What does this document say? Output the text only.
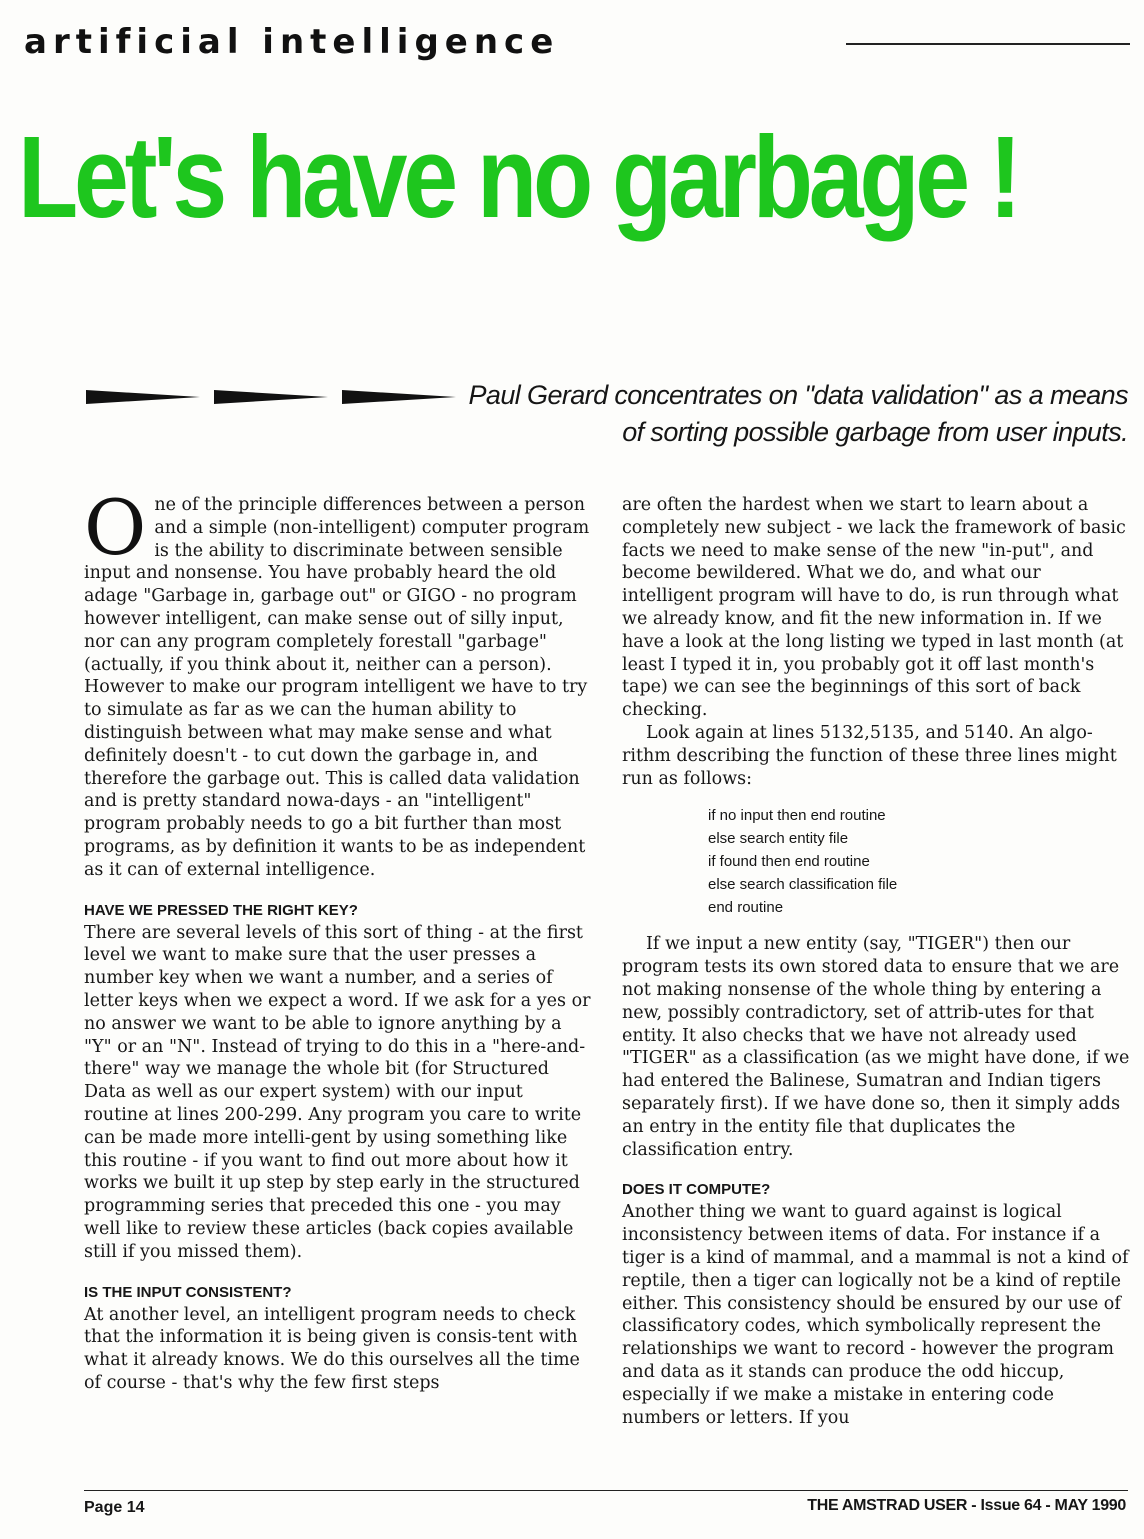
artificial intelligence
Let's have no garbage !
Paul Gerard concentrates on "data validation" as a means
of sorting possible garbage from user inputs.

One of the principle differences between a person and a simple (non-intelligent) computer program is the ability to discriminate between sensible input and nonsense. You have probably heard the old adage "Garbage in, garbage out" or GIGO - no program however intelligent, can make sense out of silly input, nor can any program completely forestall "garbage" (actually, if you think about it, neither can a person). However to make our program intelligent we have to try to simulate as far as we can the human ability to distinguish between what may make sense and what definitely doesn't - to cut down the garbage in, and therefore the garbage out. This is called data validation and is pretty standard nowa-days - an "intelligent" program probably needs to go a bit further than most programs, as by definition it wants to be as independent as it can of external intelligence.

HAVE WE PRESSED THE RIGHT KEY?

There are several levels of this sort of thing - at the first level we want to make sure that the user presses a number key when we want a number, and a series of letter keys when we expect a word. If we ask for a yes or no answer we want to be able to ignore anything by a "Y" or an "N". Instead of trying to do this in a "here-and-there" way we manage the whole bit (for Structured Data as well as our expert system) with our input routine at lines 200-299. Any program you care to write can be made more intelli-gent by using something like this routine - if you want to find out more about how it works we built it up step by step early in the structured programming series that preceded this one - you may well like to review these articles (back copies available still if you missed them).

IS THE INPUT CONSISTENT?

At another level, an intelligent program needs to check that the information it is being given is consis-tent with what it already knows. We do this ourselves all the time of course - that's why the few first steps

are often the hardest when we start to learn about a completely new subject - we lack the framework of basic facts we need to make sense of the new "in-put", and become bewildered. What we do, and what our intelligent program will have to do, is run through what we already know, and fit the new information in. If we have a look at the long listing we typed in last month (at least I typed it in, you probably got it off last month's tape) we can see the beginnings of this sort of back checking.

Look again at lines 5132,5135, and 5140. An algo-rithm describing the function of these three lines might run as follows:

if no input then end routine
else search entity file
if found then end routine
else search classification file
end routine

If we input a new entity (say, "TIGER") then our program tests its own stored data to ensure that we are not making nonsense of the whole thing by entering a new, possibly contradictory, set of attrib-utes for that entity. It also checks that we have not already used "TIGER" as a classification (as we might have done, if we had entered the Balinese, Sumatran and Indian tigers separately first). If we have done so, then it simply adds an entry in the entity file that duplicates the classification entry.

DOES IT COMPUTE?

Another thing we want to guard against is logical inconsistency between items of data. For instance if a tiger is a kind of mammal, and a mammal is not a kind of reptile, then a tiger can logically not be a kind of reptile either. This consistency should be ensured by our use of classificatory codes, which symbolically represent the relationships we want to record - however the program and data as it stands can produce the odd hiccup, especially if we make a mistake in entering code numbers or letters. If you

Page 14	THE AMSTRAD USER - Issue 64 - MAY 1990
